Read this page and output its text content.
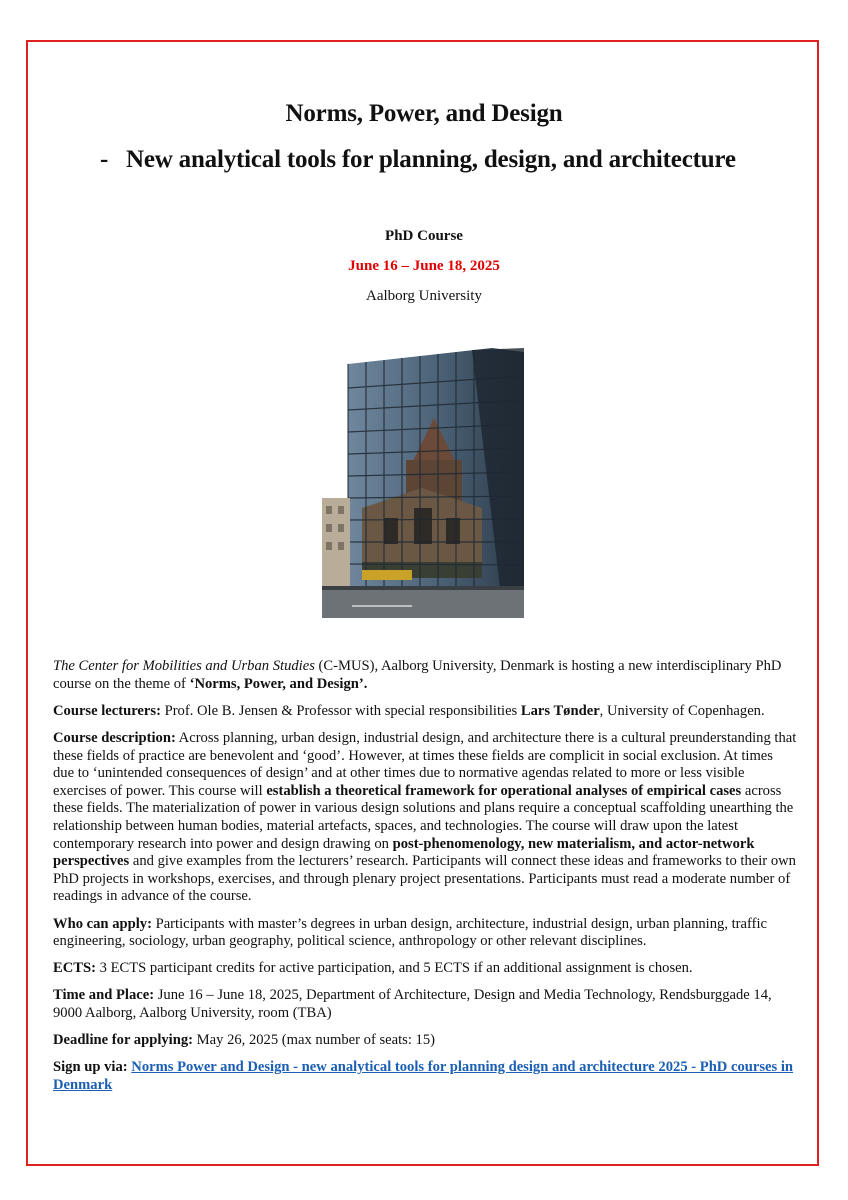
Norms, Power, and Design
- New analytical tools for planning, design, and architecture
PhD Course
June 16 – June 18, 2025
Aalborg University

The Center for Mobilities and Urban Studies (C-MUS), Aalborg University, Denmark is hosting a new interdisciplinary PhD course on the theme of ‘Norms, Power, and Design’.

Course lecturers: Prof. Ole B. Jensen & Professor with special responsibilities Lars Tønder, University of Copenhagen.

Course description: Across planning, urban design, industrial design, and architecture there is a cultural preunderstanding that these fields of practice are benevolent and ‘good’. However, at times these fields are complicit in social exclusion. At times due to ‘unintended consequences of design’ and at other times due to normative agendas related to more or less visible exercises of power. This course will establish a theoretical framework for operational analyses of empirical cases across these fields. The materialization of power in various design solutions and plans require a conceptual scaffolding unearthing the relationship between human bodies, material artefacts, spaces, and technologies. The course will draw upon the latest contemporary research into power and design drawing on post-phenomenology, new materialism, and actor-network perspectives and give examples from the lecturers’ research. Participants will connect these ideas and frameworks to their own PhD projects in workshops, exercises, and through plenary project presentations. Participants must read a moderate number of readings in advance of the course.

Who can apply: Participants with master’s degrees in urban design, architecture, industrial design, urban planning, traffic engineering, sociology, urban geography, political science, anthropology or other relevant disciplines.

ECTS: 3 ECTS participant credits for active participation, and 5 ECTS if an additional assignment is chosen.

Time and Place: June 16 – June 18, 2025, Department of Architecture, Design and Media Technology, Rendsburggade 14, 9000 Aalborg, Aalborg University, room (TBA)

Deadline for applying: May 26, 2025 (max number of seats: 15)

Sign up via: Norms Power and Design - new analytical tools for planning design and architecture 2025 - PhD courses in Denmark
